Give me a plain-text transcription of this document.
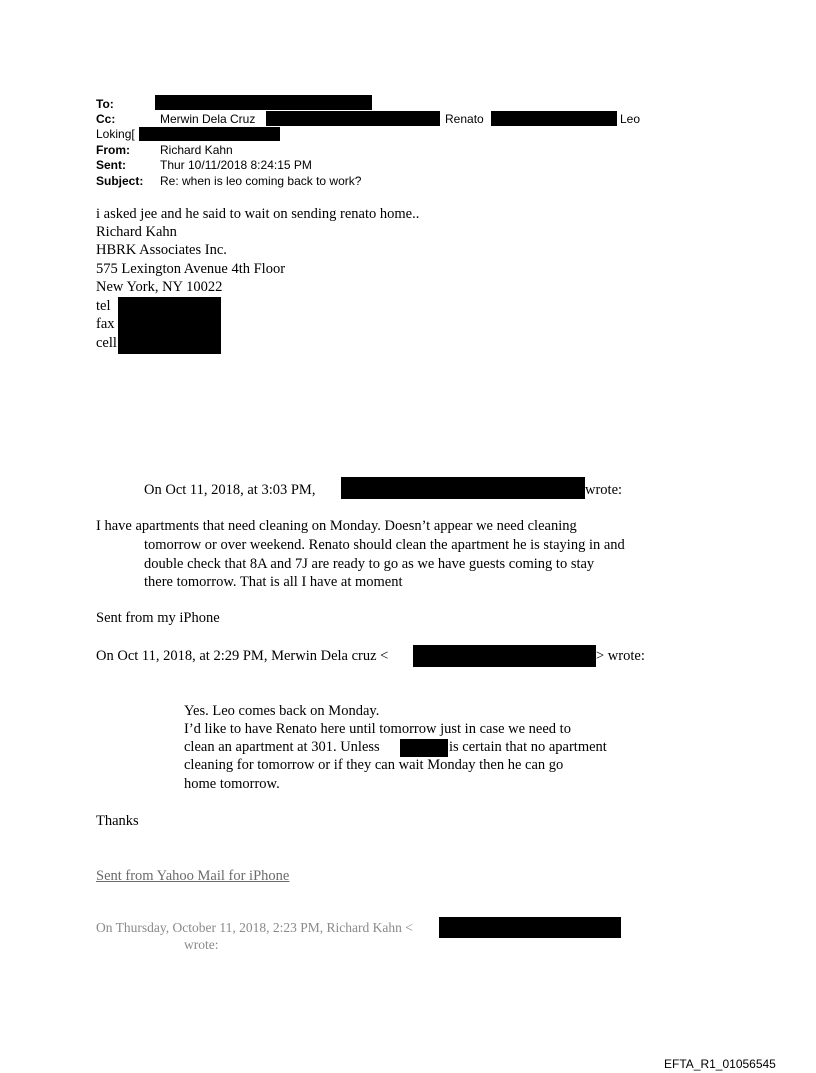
To:
Cc:	Merwin Dela Cruz	Renato	Leo
Loking[
From:	Richard Kahn
Sent:	Thur 10/11/2018 8:24:15 PM
Subject: Re: when is leo coming back to work?
i asked jee and he said to wait on sending renato home..
Richard Kahn
HBRK Associates Inc.
575 Lexington Avenue 4th Floor
New York, NY 10022
tel
fax
cell
On Oct 11, 2018, at 3:03 PM,	wrote:
I have apartments that need cleaning on Monday. Doesn’t appear we need cleaning
tomorrow or over weekend. Renato should clean the apartment he is staying in and
double check that 8A and 7J are ready to go as we have guests coming to stay
there tomorrow. That is all I have at moment
Sent from my iPhone
On Oct 11, 2018, at 2:29 PM, Merwin Dela cruz <	> wrote:
Yes. Leo comes back on Monday.
I’d like to have Renato here until tomorrow just in case we need to
clean an apartment at 301. Unless	is certain that no apartment
cleaning for tomorrow or if they can wait Monday then he can go
home tomorrow.
Thanks
Sent from Yahoo Mail for iPhone
On Thursday, October 11, 2018, 2:23 PM, Richard Kahn <
wrote:
EFTA_R1_01056545
